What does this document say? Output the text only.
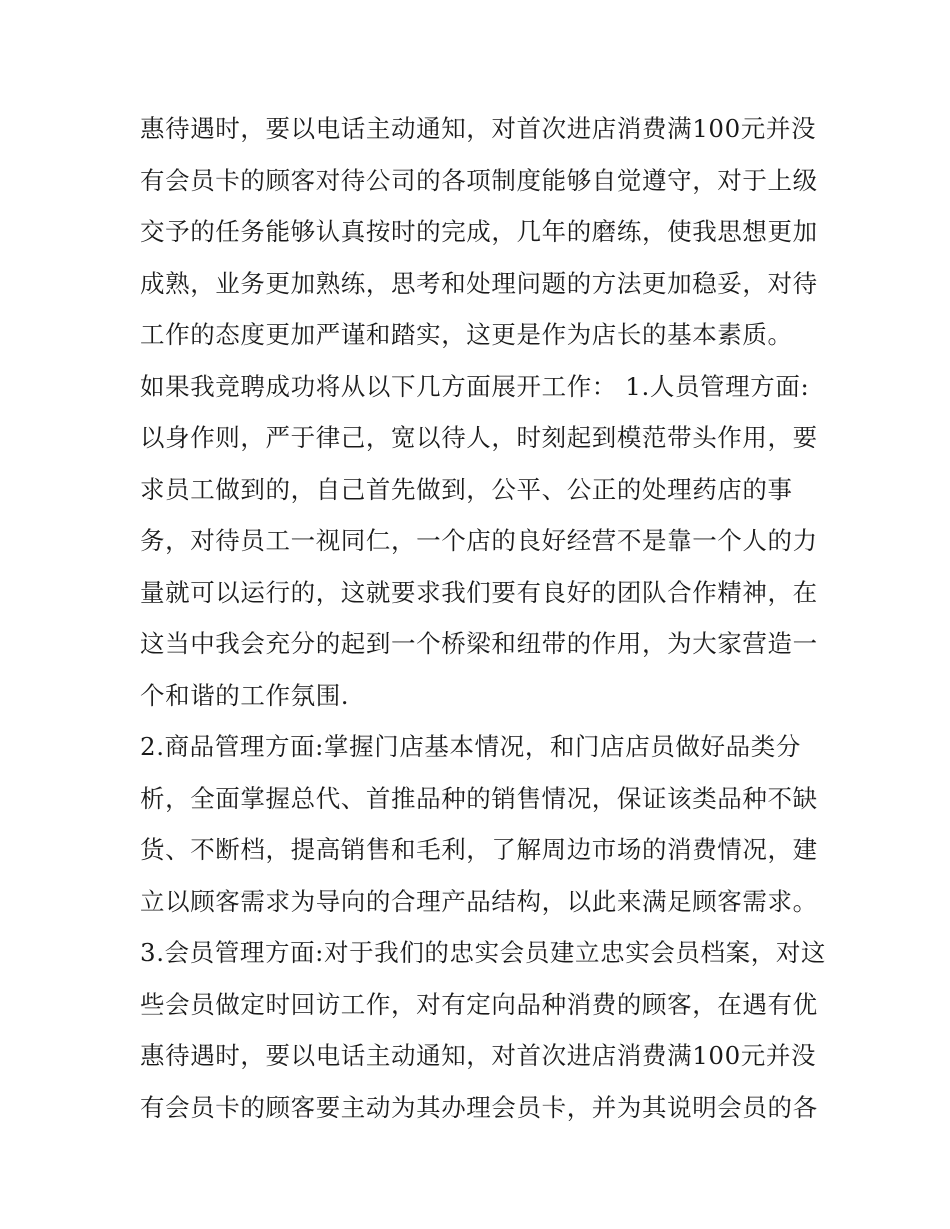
惠待遇时，要以电话主动通知，对首次进店消费满100元并没
有会员卡的顾客对待公司的各项制度能够自觉遵守，对于上级
交予的任务能够认真按时的完成，几年的磨练，使我思想更加
成熟，业务更加熟练，思考和处理问题的方法更加稳妥，对待
工作的态度更加严谨和踏实，这更是作为店长的基本素质。
如果我竞聘成功将从以下几方面展开工作： 1.人员管理方面:
以身作则，严于律己，宽以待人，时刻起到模范带头作用，要
求员工做到的，自己首先做到，公平、公正的处理药店的事
务，对待员工一视同仁，一个店的良好经营不是靠一个人的力
量就可以运行的，这就要求我们要有良好的团队合作精神，在
这当中我会充分的起到一个桥梁和纽带的作用，为大家营造一
个和谐的工作氛围.
2.商品管理方面:掌握门店基本情况，和门店店员做好品类分
析，全面掌握总代、首推品种的销售情况，保证该类品种不缺
货、不断档，提高销售和毛利，了解周边市场的消费情况，建
立以顾客需求为导向的合理产品结构，以此来满足顾客需求。
3.会员管理方面:对于我们的忠实会员建立忠实会员档案，对这
些会员做定时回访工作，对有定向品种消费的顾客，在遇有优
惠待遇时，要以电话主动通知，对首次进店消费满100元并没
有会员卡的顾客要主动为其办理会员卡，并为其说明会员的各
